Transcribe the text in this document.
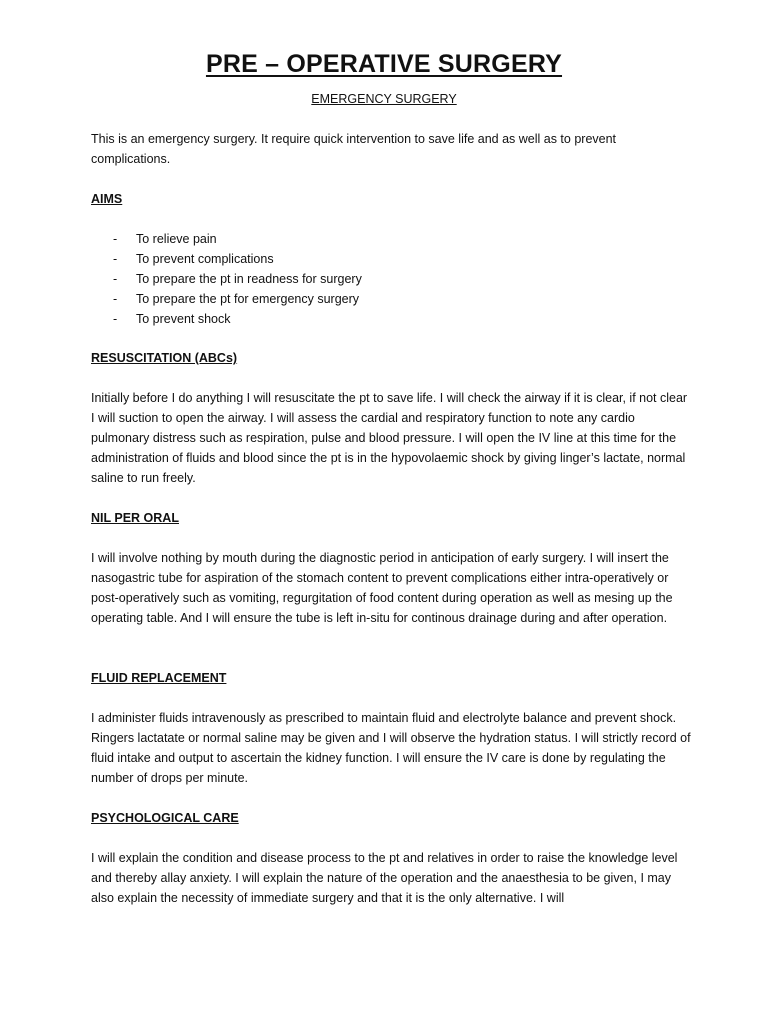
PRE – OPERATIVE SURGERY
EMERGENCY SURGERY
This is an emergency surgery. It require quick intervention to save life and as well as to prevent complications.
AIMS
- To relieve pain
- To prevent complications
- To prepare the pt in readness for surgery
- To prepare the pt for emergency surgery
- To prevent shock
RESUSCITATION (ABCs)
Initially before I do anything I will resuscitate the pt to save life. I will check the airway if it is clear, if not clear I will suction to open the airway. I will assess the cardial and respiratory function to note any cardio pulmonary distress such as respiration, pulse and blood pressure. I will open the IV line at this time for the administration of fluids and blood since the pt is in the hypovolaemic shock by giving linger’s lactate, normal saline to run freely.
NIL PER ORAL
I will involve nothing by mouth during the diagnostic period in anticipation of early surgery. I will insert the nasogastric tube for aspiration of the stomach content to prevent complications either intra-operatively or post-operatively such as vomiting, regurgitation of food content during operation as well as mesing up the operating table. And I will ensure the tube is left in-situ for continous drainage during and after operation.
FLUID REPLACEMENT
I administer fluids intravenously as prescribed to maintain fluid and electrolyte balance and prevent shock. Ringers lactatate or normal saline may be given and I will observe the hydration status. I will strictly record of fluid intake and output to ascertain the kidney function. I will ensure the IV care is done by regulating the number of drops per minute.
PSYCHOLOGICAL CARE
I will explain the condition and disease process to the pt and relatives in order to raise the knowledge level and thereby allay anxiety. I will explain the nature of the operation and the anaesthesia to be given, I may also explain the necessity of immediate surgery and that it is the only alternative. I will
